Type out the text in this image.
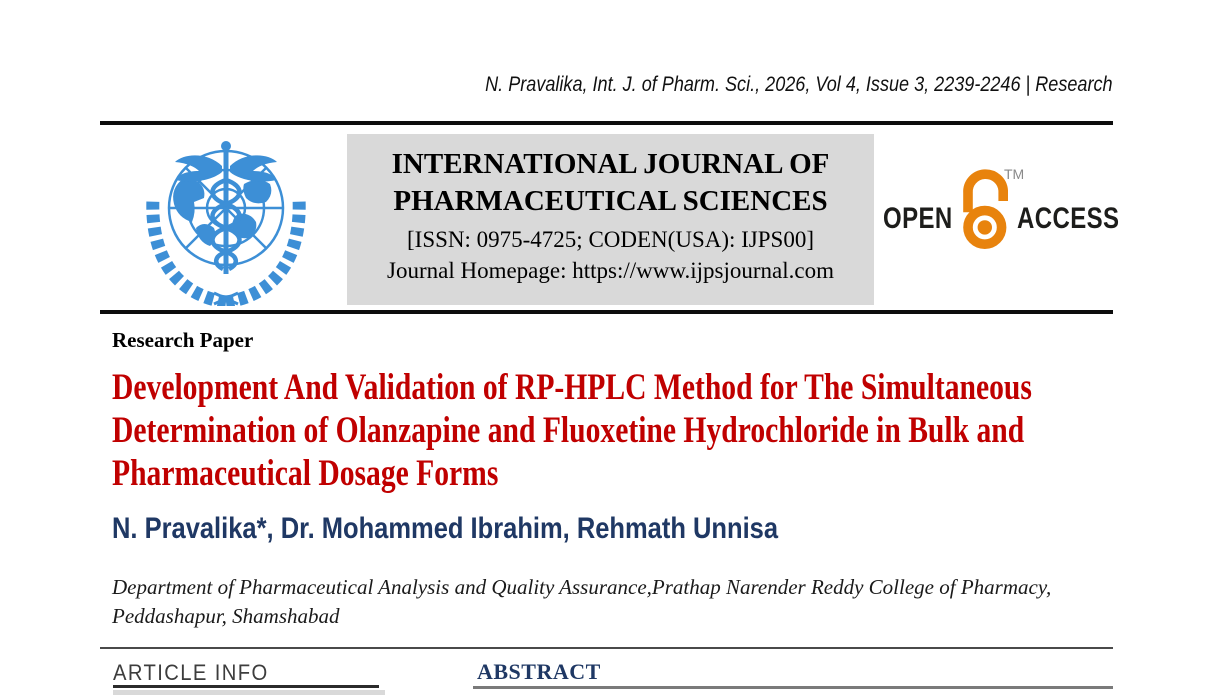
N. Pravalika, Int. J. of Pharm. Sci., 2026, Vol 4, Issue 3, 2239-2246 | Research
INTERNATIONAL JOURNAL OF PHARMACEUTICAL SCIENCES
[ISSN: 0975-4725; CODEN(USA): IJPS00]
Journal Homepage: https://www.ijpsjournal.com
OPEN
TM
ACCESS
Research Paper
Development And Validation of RP-HPLC Method for The Simultaneous
Determination of Olanzapine and Fluoxetine Hydrochloride in Bulk and
Pharmaceutical Dosage Forms
N. Pravalika*, Dr. Mohammed Ibrahim, Rehmath Unnisa
Department of Pharmaceutical Analysis and Quality Assurance,Prathap Narender Reddy College of Pharmacy,
Peddashapur, Shamshabad
ARTICLE INFO	ABSTRACT
